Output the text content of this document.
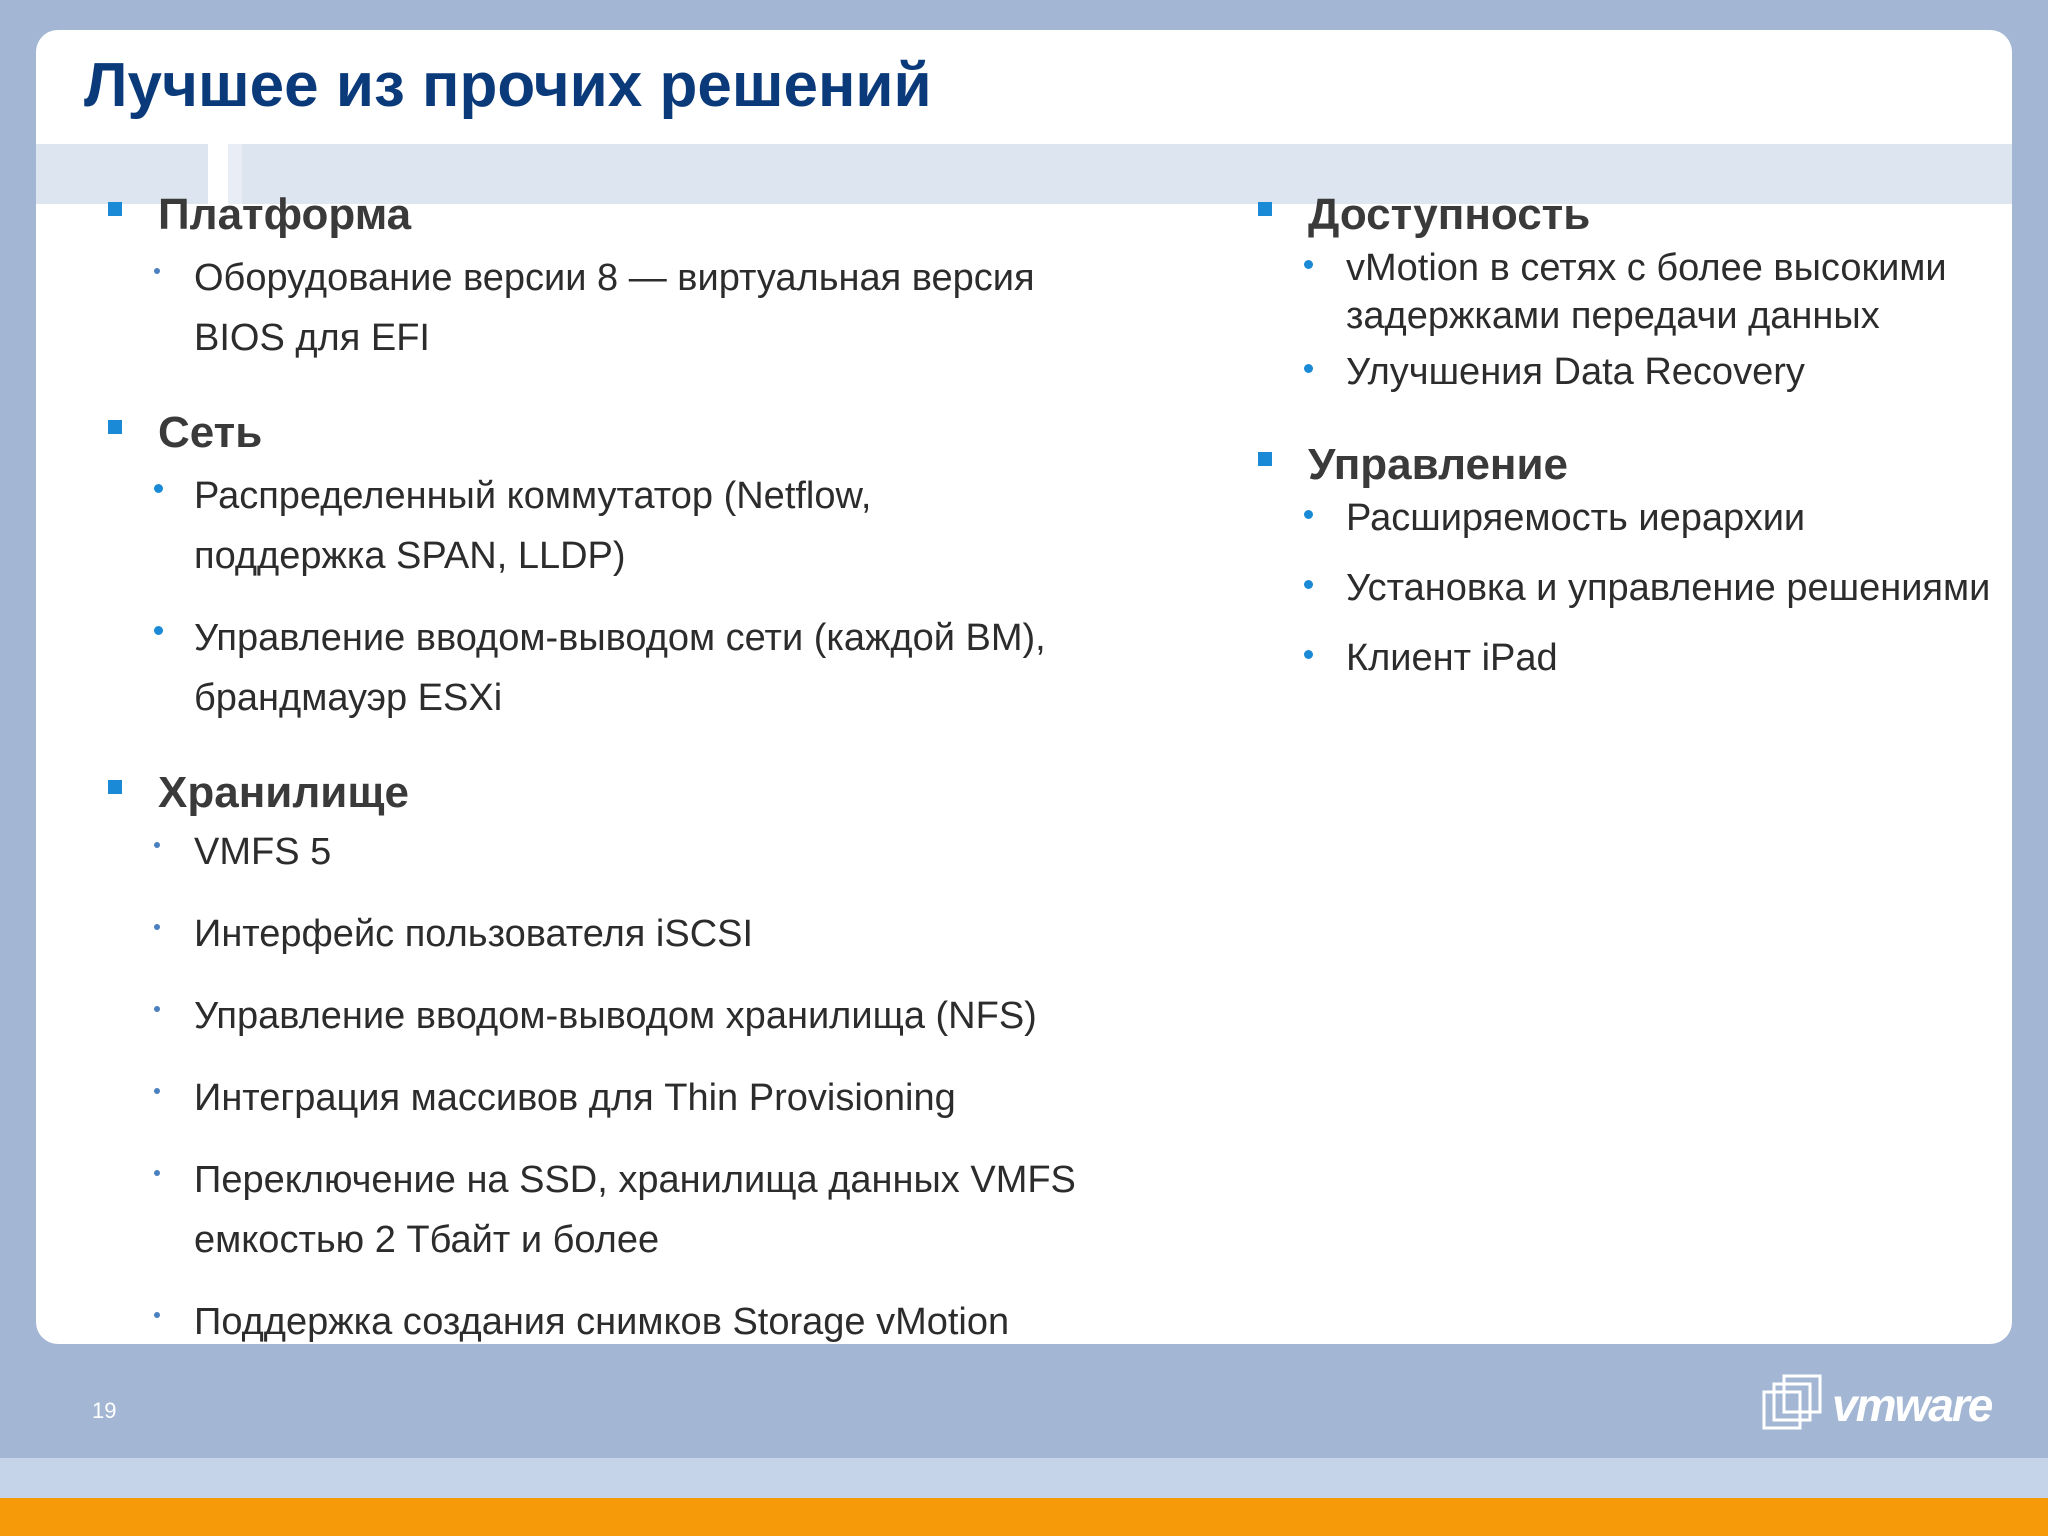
Лучшее из прочих решений
Платформа
Оборудование версии 8 — виртуальная версия
BIOS для EFI
Сеть
Распределенный коммутатор (Netflow,
поддержка SPAN, LLDP)
Управление вводом-выводом сети (каждой ВМ),
брандмауэр ESXi
Хранилище
VMFS 5
Интерфейс пользователя iSCSI
Управление вводом-выводом хранилища (NFS)
Интеграция массивов для Thin Provisioning
Переключение на SSD, хранилища данных VMFS
емкостью 2 Тбайт и более
Поддержка создания снимков Storage vMotion
Доступность
vMotion в сетях с более высокими
задержками передачи данных
Улучшения Data Recovery
Управление
Расширяемость иерархии
Установка и управление решениями
Клиент iPad
19	vmware
